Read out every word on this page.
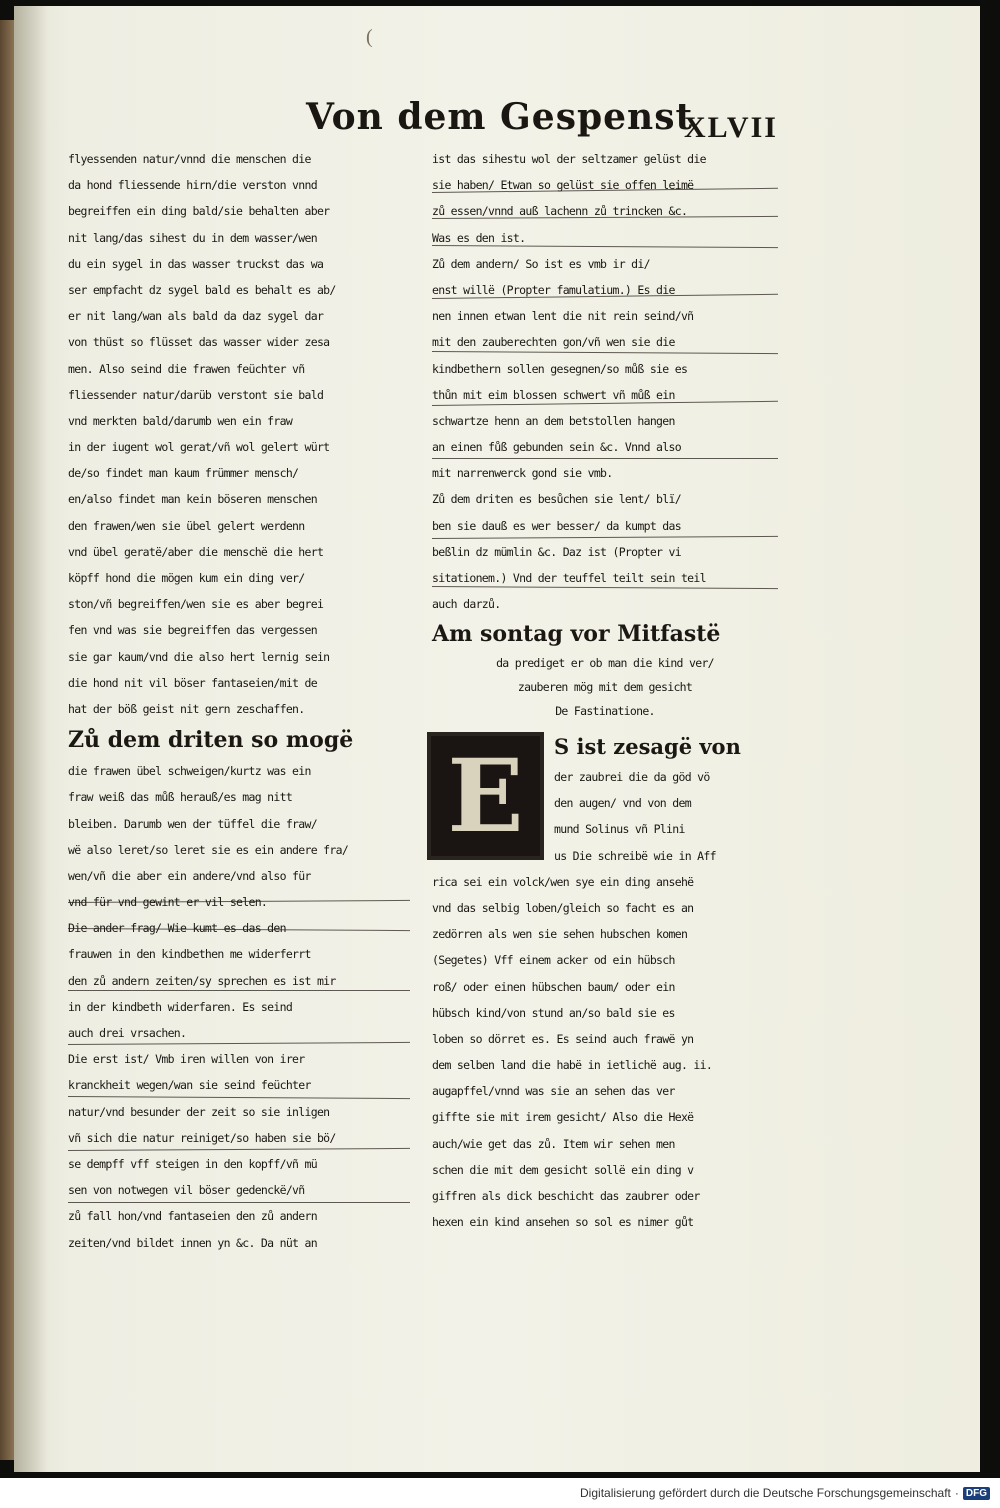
(
Von dem Gespenst
XLVII
flyessenden natur/vnnd die menschen die
da hond fliessende hirn/die verston vnnd
begreiffen ein ding bald/sie behalten aber
nit lang/das sihest du in dem wasser/wen
du ein sygel in das wasser truckst das wa
ser empfacht dz sygel bald es behalt es ab/
er nit lang/wan als bald da daz sygel dar
von thüst so flüsset das wasser wider zesa
men. Also seind die frawen feüchter vñ
fliessender natur/darüb verstont sie bald
vnd merkten bald/darumb wen ein fraw
in der iugent wol gerat/vñ wol gelert würt
de/so findet man kaum frümmer mensch/
en/also findet man kein böseren menschen
den frawen/wen sie übel gelert werdenn
vnd übel geratë/aber die menschë die hert
köpff hond die mögen kum ein ding ver/
ston/vñ begreiffen/wen sie es aber begrei
fen vnd was sie begreiffen das vergessen
sie gar kaum/vnd die also hert lernig sein
die hond nit vil böser fantaseien/mit de
hat der böß geist nit gern zeschaffen.
Zů dem driten so mogë
die frawen übel schweigen/kurtz was ein
fraw weiß das můß herauß/es mag nitt
bleiben. Darumb wen der tüffel die fraw/
wë also leret/so leret sie es ein andere fra/
wen/vñ die aber ein andere/vnd also für
vnd für vnd gewint er vil selen.
Die ander frag/ Wie kumt es das den
frauwen in den kindbethen me widerferrt
den zů andern zeiten/sy sprechen es ist mir
in der kindbeth widerfaren. Es seind
auch drei vrsachen.
Die erst ist/ Vmb iren willen von irer
kranckheit wegen/wan sie seind feüchter
natur/vnd besunder der zeit so sie inligen
vñ sich die natur reiniget/so haben sie bö/
se dempff vff steigen in den kopff/vñ mü
sen von notwegen vil böser gedenckë/vñ
zů fall hon/vnd fantaseien den zů andern
zeiten/vnd bildet innen yn &c. Da nüt an
ist das sihestu wol der seltzamer gelüst die
sie haben/ Etwan so gelüst sie offen leimë
zů essen/vnnd auß lachenn zů trincken &c.
Was es den ist.
Zů dem andern/ So ist es vmb ir di/
enst willë (Propter famulatium.) Es die
nen innen etwan lent die nit rein seind/vñ
mit den zauberechten gon/vñ wen sie die
kindbethern sollen gesegnen/so můß sie es
thůn mit eim blossen schwert vñ můß ein
schwartze henn an dem betstollen hangen
an einen fůß gebunden sein &c. Vnnd also
mit narrenwerck gond sie vmb.
Zů dem driten es besůchen sie lent/ blï/
ben sie dauß es wer besser/ da kumpt das
beßlin dz mümlin &c. Daz ist (Propter vi
sitationem.) Vnd der teuffel teilt sein teil
auch darzů.
Am sontag vor Mitfastë
da prediget er ob man die kind ver/
zauberen mög mit dem gesicht
De Fastinatione.
E	S ist zesagë von
der zaubrei die da göd vö
den augen/ vnd von dem
mund Solinus vñ Plini
us Die schreibë wie in Aff
rica sei ein volck/wen sye ein ding ansehë
vnd das selbig loben/gleich so facht es an
zedörren als wen sie sehen hubschen komen
(Segetes) Vff einem acker od ein hübsch
roß/ oder einen hübschen baum/ oder ein
hübsch kind/von stund an/so bald sie es
loben so dörret es. Es seind auch frawë yn
dem selben land die habë in ietlichë aug. ii.
augapffel/vnnd was sie an sehen das ver
giffte sie mit irem gesicht/ Also die Hexë
auch/wie get das zů. Item wir sehen men
schen die mit dem gesicht sollë ein ding v
giffren als dick beschicht das zaubrer oder
hexen ein kind ansehen so sol es nimer gůt
Digitalisierung gefördert durch die Deutsche Forschungsgemeinschaft · DFG
